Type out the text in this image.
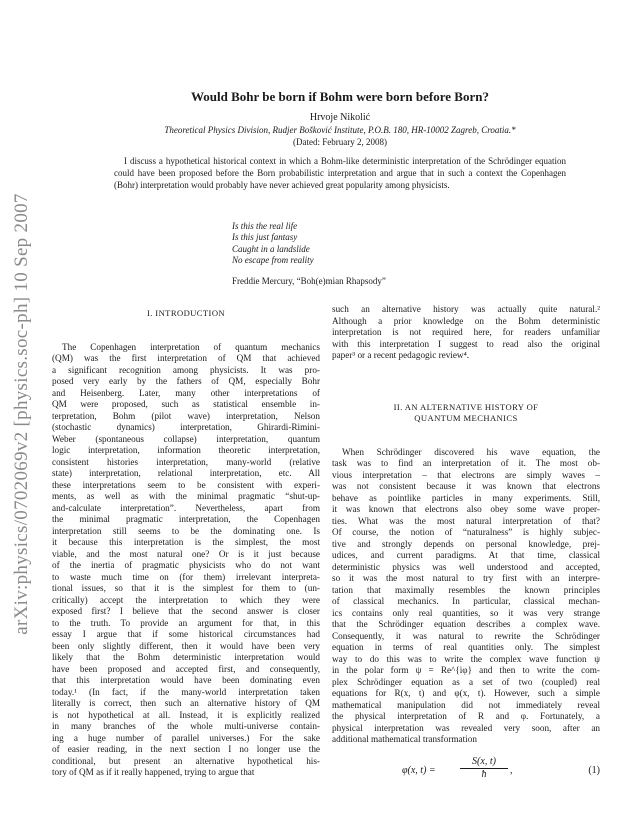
arXiv:physics/0702069v2 [physics.soc-ph] 10 Sep 2007
Would Bohr be born if Bohm were born before Born?
Hrvoje Nikolić
Theoretical Physics Division, Rudjer Bošković Institute, P.O.B. 180, HR-10002 Zagreb, Croatia.*
(Dated: February 2, 2008)
I discuss a hypothetical historical context in which a Bohm-like deterministic interpretation of the Schrödinger equation could have been proposed before the Born probabilistic interpretation and argue that in such a context the Copenhagen (Bohr) interpretation would probably have never achieved great popularity among physicists.
Is this the real life
Is this just fantasy
Caught in a landslide
No escape from reality
Freddie Mercury, “Boh(e)mian Rhapsody”
I. INTRODUCTION
The Copenhagen interpretation of quantum mechanics
(QM) was the first interpretation of QM that achieved
a significant recognition among physicists. It was pro-
posed very early by the fathers of QM, especially Bohr
and Heisenberg. Later, many other interpretations of
QM were proposed, such as statistical ensemble in-
terpretation, Bohm (pilot wave) interpretation, Nelson
(stochastic dynamics) interpretation, Ghirardi-Rimini-
Weber (spontaneous collapse) interpretation, quantum
logic interpretation, information theoretic interpretation,
consistent histories interpretation, many-world (relative
state) interpretation, relational interpretation, etc. All
these interpretations seem to be consistent with experi-
ments, as well as with the minimal pragmatic “shut-up-
and-calculate interpretation”. Nevertheless, apart from
the minimal pragmatic interpretation, the Copenhagen
interpretation still seems to be the dominating one. Is
it because this interpretation is the simplest, the most
viable, and the most natural one? Or is it just because
of the inertia of pragmatic physicists who do not want
to waste much time on (for them) irrelevant interpreta-
tional issues, so that it is the simplest for them to (un-
critically) accept the interpretation to which they were
exposed first? I believe that the second answer is closer
to the truth. To provide an argument for that, in this
essay I argue that if some historical circumstances had
been only slightly different, then it would have been very
likely that the Bohm deterministic interpretation would
have been proposed and accepted first, and consequently,
that this interpretation would have been dominating even
today.¹ (In fact, if the many-world interpretation taken
literally is correct, then such an alternative history of QM
is not hypothetical at all. Instead, it is explicitly realized
in many branches of the whole multi-universe contain-
ing a huge number of parallel universes.) For the sake
of easier reading, in the next section I no longer use the
conditional, but present an alternative hypothetical his-
tory of QM as if it really happened, trying to argue that
such an alternative history was actually quite natural.²
Although a prior knowledge on the Bohm deterministic
interpretation is not required here, for readers unfamiliar
with this interpretation I suggest to read also the original
paper³ or a recent pedagogic review⁴.
II. AN ALTERNATIVE HISTORY OF
QUANTUM MECHANICS
When Schrödinger discovered his wave equation, the
task was to find an interpretation of it. The most ob-
vious interpretation – that electrons are simply waves –
was not consistent because it was known that electrons
behave as pointlike particles in many experiments. Still,
it was known that electrons also obey some wave proper-
ties. What was the most natural interpretation of that?
Of course, the notion of “naturalness” is highly subjec-
tive and strongly depends on personal knowledge, prej-
udices, and current paradigms. At that time, classical
deterministic physics was well understood and accepted,
so it was the most natural to try first with an interpre-
tation that maximally resembles the known principles
of classical mechanics. In particular, classical mechan-
ics contains only real quantities, so it was very strange
that the Schrödinger equation describes a complex wave.
Consequently, it was natural to rewrite the Schrödinger
equation in terms of real quantities only. The simplest
way to do this was to write the complex wave function ψ
in the polar form ψ = Re^{iφ} and then to write the com-
plex Schrödinger equation as a set of two (coupled) real
equations for R(x, t) and φ(x, t). However, such a simple
mathematical manipulation did not immediately reveal
the physical interpretation of R and φ. Fortunately, a
physical interpretation was revealed very soon, after an
additional mathematical transformation
φ(x, $t) = \frac{S(x, t)}{ħ}$ ,	(1)
